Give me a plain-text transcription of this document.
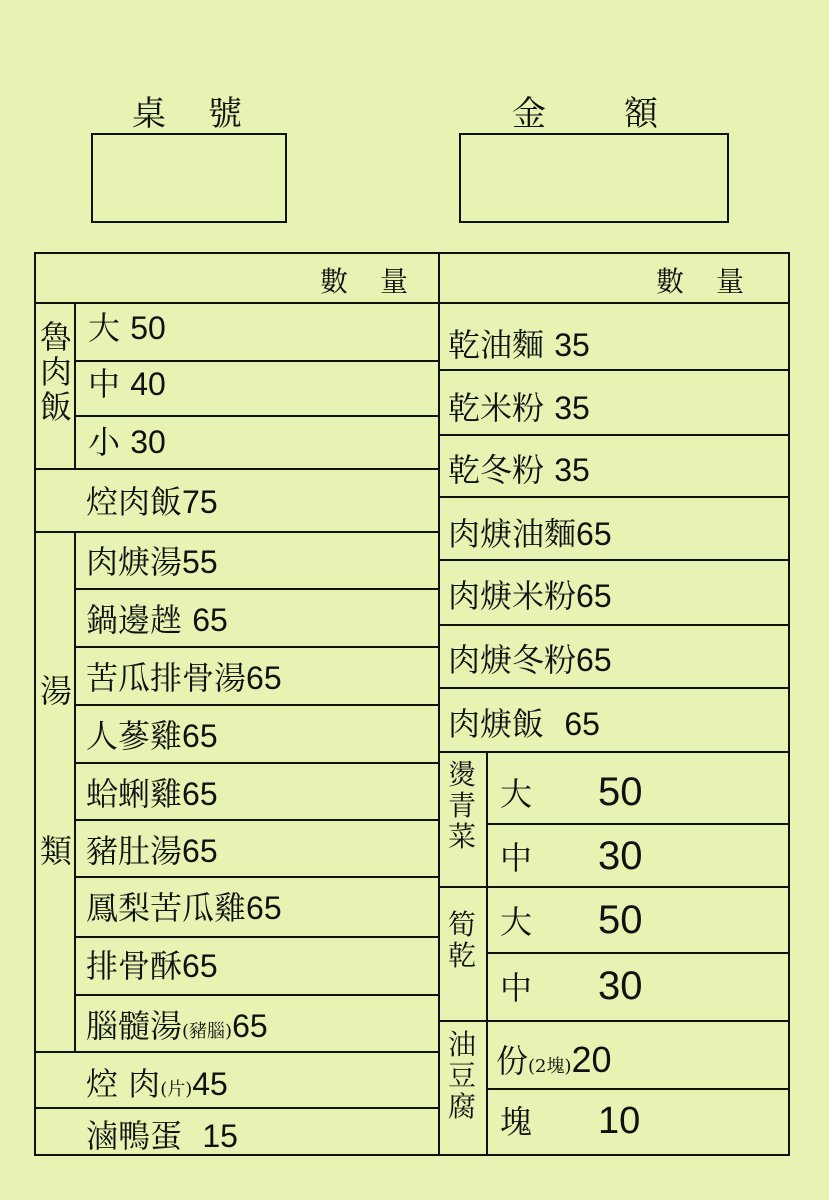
桌 號	金 額
數 量	數 量
魯
肉
飯
大 50
中 40
小 30
焢肉飯75
湯
類
肉焿湯55
鍋邊趖 65
苦瓜排骨湯65
人蔘雞65
蛤蜊雞65
豬肚湯65
鳳梨苦瓜雞65
排骨酥65
腦髓湯(豬腦)65
焢 肉(片)45
滷鴨蛋 15
乾油麵 35
乾米粉 35
乾冬粉 35
肉焿油麵65
肉焿米粉65
肉焿冬粉65
肉焿飯 65
燙
青
菜
大 50
中 30
筍
乾
大 50
中 30
油
豆
腐
份(2塊)20
塊 10
